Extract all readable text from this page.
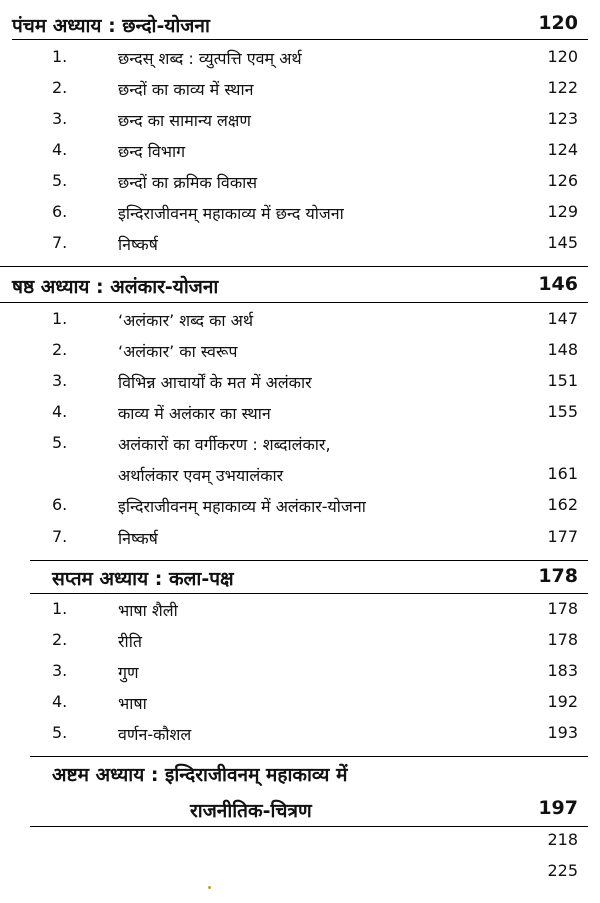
पंचम अध्याय : छन्दो-योजना	120
1.	छन्दस् शब्द : व्युत्पत्ति एवम् अर्थ	120
2.	छन्दों का काव्य में स्थान	122
3.	छन्द का सामान्य लक्षण	123
4.	छन्द विभाग	124
5.	छन्दों का क्रमिक विकास	126
6.	इन्दिराजीवनम् महाकाव्य में छन्द योजना	129
7.	निष्कर्ष	145
षष्ठ अध्याय : अलंकार-योजना	146
1.	‘अलंकार’ शब्द का अर्थ	147
2.	‘अलंकार’ का स्वरूप	148
3.	विभिन्न आचार्यों के मत में अलंकार	151
4.	काव्य में अलंकार का स्थान	155
5.	अलंकारों का वर्गीकरण : शब्दालंकार,
अर्थालंकार एवम् उभयालंकार	161
6.	इन्दिराजीवनम् महाकाव्य में अलंकार-योजना	162
7.	निष्कर्ष	177
सप्तम अध्याय : कला-पक्ष	178
1.	भाषा शैली	178
2.	रीति	178
3.	गुण	183
4.	भाषा	192
5.	वर्णन-कौशल	193
अष्टम अध्याय : इन्दिराजीवनम् महाकाव्य में
राजनीतिक-चित्रण	197
218
225
